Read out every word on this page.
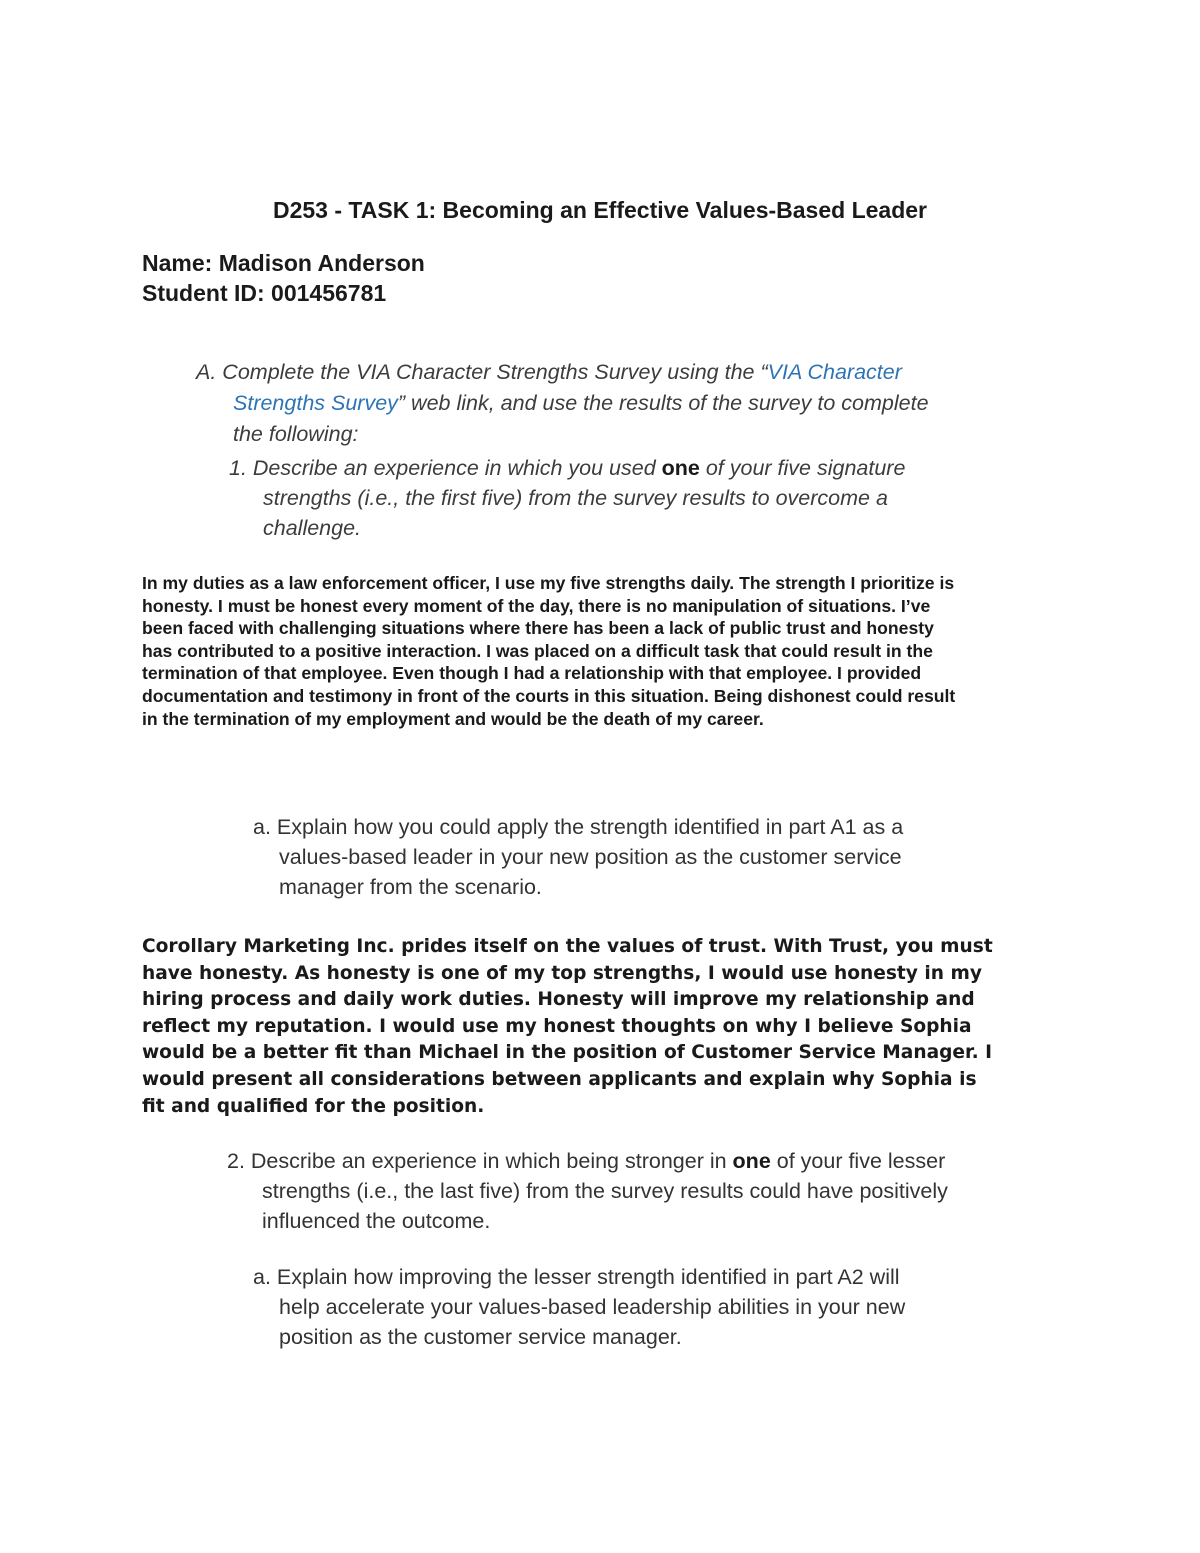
D253 - TASK 1: Becoming an Effective Values-Based Leader
Name: Madison Anderson
Student ID: 001456781
A. Complete the VIA Character Strengths Survey using the “VIA Character
Strengths Survey” web link, and use the results of the survey to complete
the following:
1. Describe an experience in which you used one of your five signature
strengths (i.e., the first five) from the survey results to overcome a
challenge.
In my duties as a law enforcement officer, I use my five strengths daily. The strength I prioritize is
honesty. I must be honest every moment of the day, there is no manipulation of situations. I’ve
been faced with challenging situations where there has been a lack of public trust and honesty
has contributed to a positive interaction. I was placed on a difficult task that could result in the
termination of that employee. Even though I had a relationship with that employee. I provided
documentation and testimony in front of the courts in this situation. Being dishonest could result
in the termination of my employment and would be the death of my career.
a. Explain how you could apply the strength identified in part A1 as a
values-based leader in your new position as the customer service
manager from the scenario.
Corollary Marketing Inc. prides itself on the values of trust. With Trust, you must
have honesty. As honesty is one of my top strengths, I would use honesty in my
hiring process and daily work duties. Honesty will improve my relationship and
reflect my reputation. I would use my honest thoughts on why I believe Sophia
would be a better fit than Michael in the position of Customer Service Manager. I
would present all considerations between applicants and explain why Sophia is
fit and qualified for the position.
2. Describe an experience in which being stronger in one of your five lesser
strengths (i.e., the last five) from the survey results could have positively
influenced the outcome.
a. Explain how improving the lesser strength identified in part A2 will
help accelerate your values-based leadership abilities in your new
position as the customer service manager.
